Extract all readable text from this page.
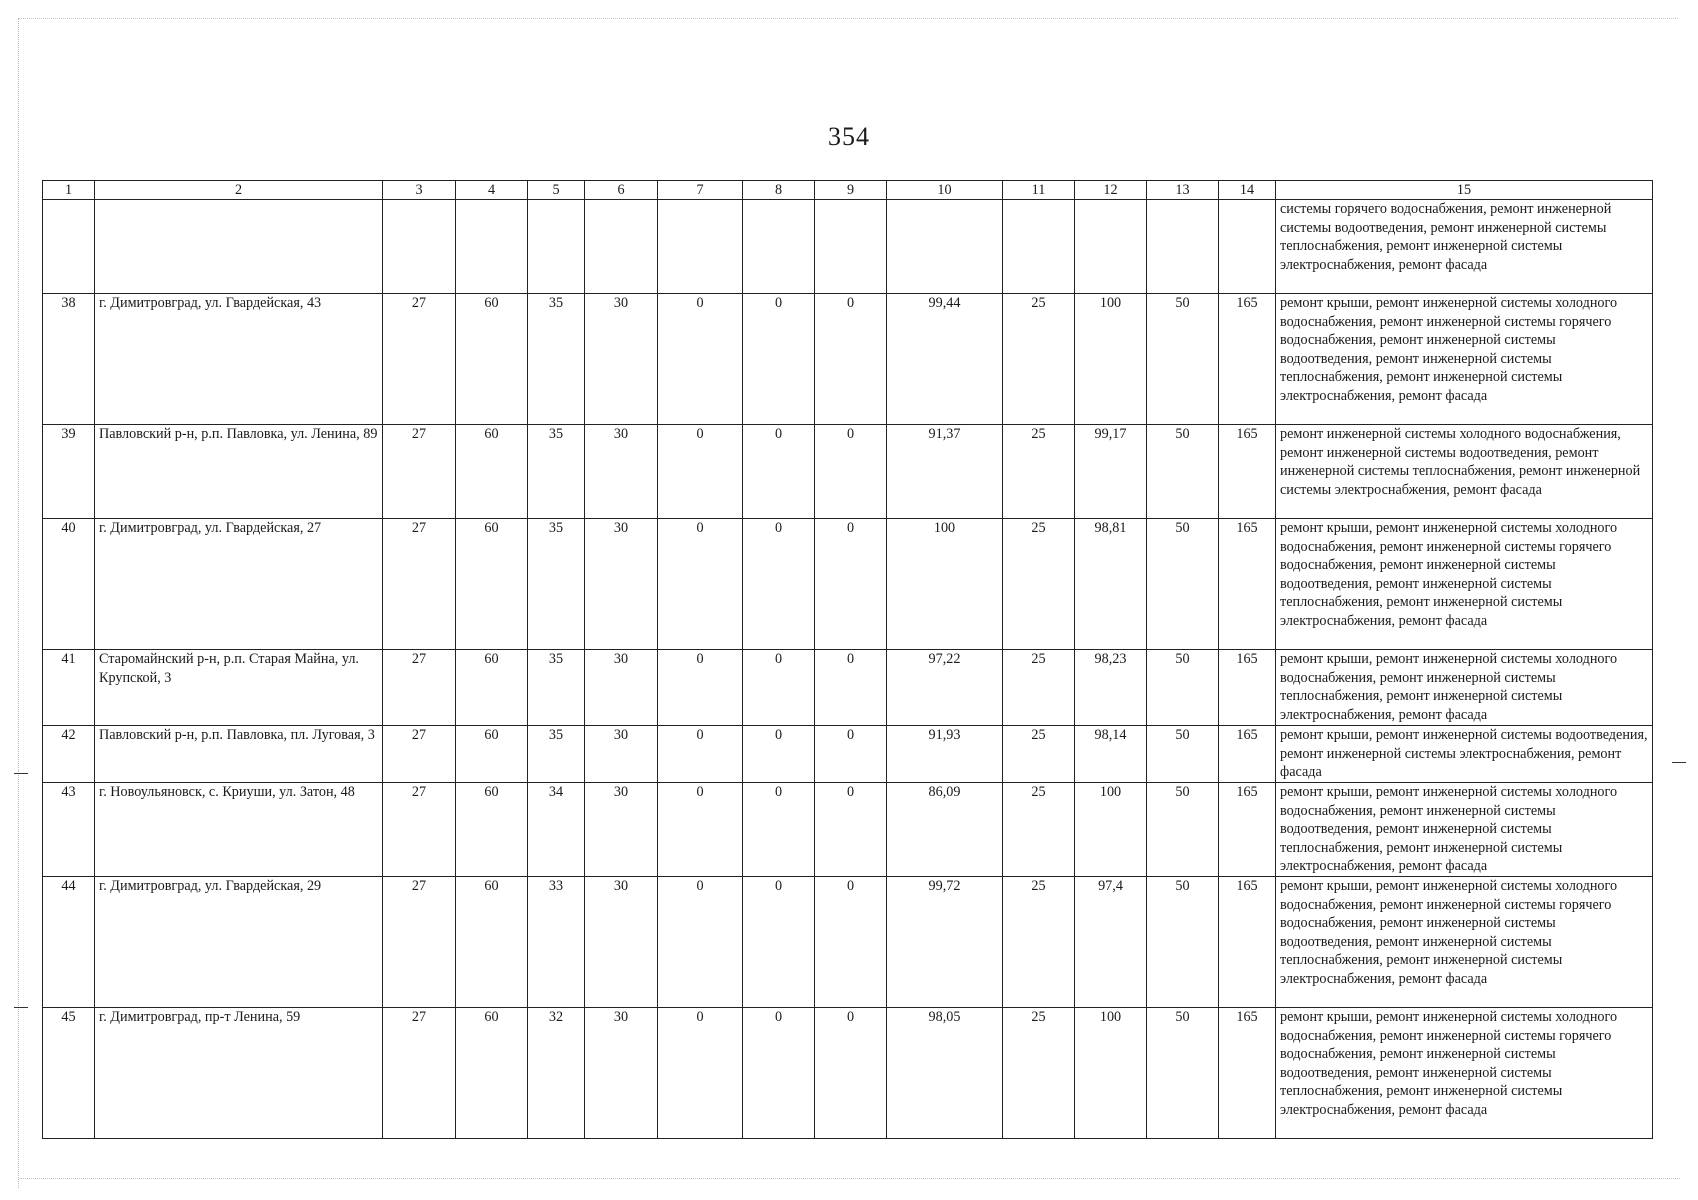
354
1	2	3	4	5	6	7	8	9	10	11	12	13	14	15
														системы горячего водоснабжения, ремонт инженерной системы водоотведения, ремонт инженерной системы теплоснабжения, ремонт инженерной системы электроснабжения, ремонт фасада
38	г. Димитровград, ул. Гвардейская, 43	27	60	35	30	0	0	0	99,44	25	100	50	165	ремонт крыши, ремонт инженерной системы холодного водоснабжения, ремонт инженерной системы горячего водоснабжения, ремонт инженерной системы водоотведения, ремонт инженерной системы теплоснабжения, ремонт инженерной системы электроснабжения, ремонт фасада
39	Павловский р-н, р.п. Павловка, ул. Ленина, 89	27	60	35	30	0	0	0	91,37	25	99,17	50	165	ремонт инженерной системы холодного водоснабжения, ремонт инженерной системы водоотведения, ремонт инженерной системы теплоснабжения, ремонт инженерной системы электроснабжения, ремонт фасада
40	г. Димитровград, ул. Гвардейская, 27	27	60	35	30	0	0	0	100	25	98,81	50	165	ремонт крыши, ремонт инженерной системы холодного водоснабжения, ремонт инженерной системы горячего водоснабжения, ремонт инженерной системы водоотведения, ремонт инженерной системы теплоснабжения, ремонт инженерной системы электроснабжения, ремонт фасада
41	Старомайнский р-н, р.п. Старая Майна, ул. Крупской, 3	27	60	35	30	0	0	0	97,22	25	98,23	50	165	ремонт крыши, ремонт инженерной системы холодного водоснабжения, ремонт инженерной системы теплоснабжения, ремонт инженерной системы электроснабжения, ремонт фасада
42	Павловский р-н, р.п. Павловка, пл. Луговая, 3	27	60	35	30	0	0	0	91,93	25	98,14	50	165	ремонт крыши, ремонт инженерной системы водоотведения, ремонт инженерной системы электроснабжения, ремонт фасада
43	г. Новоульяновск, с. Криуши, ул. Затон, 48	27	60	34	30	0	0	0	86,09	25	100	50	165	ремонт крыши, ремонт инженерной системы холодного водоснабжения, ремонт инженерной системы водоотведения, ремонт инженерной системы теплоснабжения, ремонт инженерной системы электроснабжения, ремонт фасада
44	г. Димитровград, ул. Гвардейская, 29	27	60	33	30	0	0	0	99,72	25	97,4	50	165	ремонт крыши, ремонт инженерной системы холодного водоснабжения, ремонт инженерной системы горячего водоснабжения, ремонт инженерной системы водоотведения, ремонт инженерной системы теплоснабжения, ремонт инженерной системы электроснабжения, ремонт фасада
45	г. Димитровград, пр-т Ленина, 59	27	60	32	30	0	0	0	98,05	25	100	50	165	ремонт крыши, ремонт инженерной системы холодного водоснабжения, ремонт инженерной системы горячего водоснабжения, ремонт инженерной системы водоотведения, ремонт инженерной системы теплоснабжения, ремонт инженерной системы электроснабжения, ремонт фасада
